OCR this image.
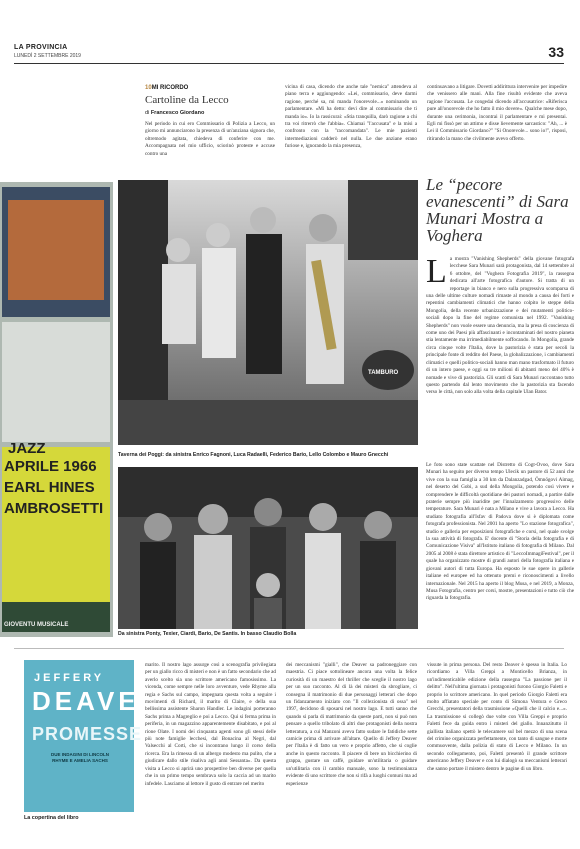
LA PROVINCIA
LUNEDÌ 2 SETTEMBRE 2019	33
10MI RICORDO
Cartoline da Lecco
di Francesco Giordano
Nel periodo in cui ero Commissario di Polizia a Lecco, un giorno mi annunciarono la presenza di un'anziana signora che, oltremodo agitata, chiedeva di conferire con me. Accompagnata nel mio ufficio, sciorinò proteste e accuse contro una
vicina di casa, dicendo che anche tale "nemica" attendeva al piano terra e aggiungendo: «Lei, commissario, deve darmi ragione, perché sa, mi manda l'onorevole...» nominando un parlamentare. «Mi ha detto: devi dire al commissario che ti manda io». Io la rassicurai: «Stia tranquilla, darò ragione a chi tra voi ritrerrò che l'abbia». Chiamai "l'accusata" e la misi a confronto con la "raccomandata". Le mie pazienti intermediazioni cadderò nel nulla. Le due anziane erano furiose e, ignorando la mia presenza,
continuavano a litigare. Dovetti addirittura intervenire per impedire che venissero alle mani. Alla fine risultò evidente che aveva ragione l'accusata. Le congedai dicendo all'accusatrice: «Riferisca pure all'onorevole che ho fatto il mio dovere». Qualche mese dopo, durante una cerimonia, incontrai il parlamentare e mi presentai. Egli mi fissò per un attimo e disse lievemente sarcastico: "Ah, ... è Lei il Commissario Giordano?" "Sì Onorevole... sono io!", risposi, ritirando la mano che civilmente avevo offerto.
JAZZ
APRILE 1966
EARL HINES
AMBROSETTI
GIOVENTU MUSICALE
TAMBURO
Taverna dei Poggi: da sinistra Enrico Fagnoni, Luca Radaelli, Federico Bario, Lello Colombo e Mauro Gnecchi
Da sinistra Ponty, Texier, Ciardi, Bario, De Santis. In basso Claudio Bolla
Le “pecore evanescenti” di Sara Munari Mostra a Voghera
La mostra "Vanishing Shepherds" della giovane fotografa lecchese Sara Munari sarà protagonista, dal 14 settembre al 6 ottobre, del "Voghera Fotografia 2019", la rassegna dedicata all'arte fotografica d'autore. Si tratta di un reportage in bianco e nero sulla progressiva scomparsa di una delle ultime culture nomadi rimaste al mondo a causa dei forti e repentini cambiamenti climatici che hanno colpito le steppe della Mongolia, della recente urbanizzazione e dei mutamenti politico-sociali dopo la fine del regime comunista nel 1992. "Vanishing Shepherds" non vuole essere una denuncia, ma la presa di coscienza di come uno dei Paesi più affascinanti e incontaminati del nostro pianeta stia lentamente ma irrimediabilmente soffocando. In Mongolia, grande circa cinque volte l'Italia, dove la pastorizia è stata per secoli la principale fonte di reddito del Paese, la globalizzazione, i cambiamenti climatici e quelli politico-sociali hanno man mano trasformato il futuro di un intero paese, e oggi su tre milioni di abitanti meno del 40% è nomade e vive di pastorizia. Gli scatti di Sara Munari raccontano tutto questo partendo dal lento movimento che la pastorizia sta facendo verso le città, non solo alla volta della capitale Ulan Bator.
Le foto sono state scattate nel Distretto di Cogt-Ovoo, dove Sara Munari ha seguito per diverso tempo Ulecik un pastore di 52 anni che vive con la sua famiglia a 30 km da Dalanzadgad, Ömnögovi Aimag, nel deserto del Gobi, a sud della Mongolia, potendo così vivere e comprendere le difficoltà quotidiane dei pastori nomadi, a partire dalle praterie sempre più inaridite per l'innalzamento progressivo delle temperature. Sara Munari è nata a Milano e vive a lavora a Lecco. Ha studiato fotografia all'Isfav di Padova dove si è diplomata come fotografa professionista. Nel 2001 ha aperto "Lo stazione fotografica", studio e galleria per esposizioni fotografiche e corsi, nel quale svolge la sua attività di fotografa. E' docente di "Storia della fotografia e di Comunicazione Visiva" all'Istituto italiano di fotografia di Milano. Dal 2005 al 2008 è stata direttore artistico di "LeccoImmagiFestival", per il quale ha organizzato mostre di grandi autori della fotografia italiana e giovani autori di tutta Europa. Ha esposto le sue opere in gallerie italiane ed europee ed ha ottenuto premi e riconoscimenti a livello internazionale. Nel 2015 ha aperto il blog Musa, e nel 2019, a Monza, Musa Fotografia, centro per corsi, mostre, presentazioni e tutto ciò che riguarda la fotografia.
JEFFERY
DEAVER
PROMESSE
DUE INDAGINI DI LINCOLN RHYME E AMELIA SACHS
La copertina del libro
marito. Il nostro lago assurge così a scenografia privilegiata per un giallo ricco di misteri e non è un fatto secondario che ad averlo scelto sia uno scrittore americano famosissimo. La vicenda, come sempre nelle loro avventure, vede Rhyme alla regia e Sachs sul campo, impegnata questa volta a seguire i movimenti di Richard, il marito di Claire, e della sua bellissima assistente Sharon Handler. Le indagini porteranno Sachs prima a Magreglio e poi a Lecco. Qui si ferma prima in periferia, in un magazzino apparentemente disabitato, e poi al rione Olate. I nomi dei cinquanta agenti sono gli stessi delle più note famiglie lecchesi, dal Bonacina al Negri, dal Valsecchi al Corti, che si incontrano lungo il corso della ricerca. Era la rimessa di un albergo modesto ma pulito, che a giudicare dallo stile risaliva agli anni Sessanta». Da questa visita a Lecco si aprirà uno prospettive ben diverse per quella che in un primo tempo sembrava solo la caccia ad un marito infedele. Lasciamo al lettore il gusto di entrare nel merito
dei meccanismi "gialli", che Deaver sa padroneggiare con maestria. Ci piace sottolineare ancora una volta la felice curiosità di un maestro del thriller che sceglie il nostro lago per un suo racconto. Al di là dei misteri da sbrogliare, ci consegna il matrimonio di due personaggi letterari che dopo un fidanzamento iniziato con "Il collezionista di ossa" nel 1997, decidono di sposarsi nel nostro lago. E tutti sanno che quando si parla di matrimonio da queste parti, non si può non pensare a quello tribolato di altri due protagonisti della nostra letteratura, a cui Manzoni aveva fatto sudare le fatidiche sette camicie prima di arrivare all'altare. Quello di Jeffery Deaver per l'Italia è di fatto un vero e proprio affetto, che si coglie anche in questo racconto. Il piacere di bere un bicchierino di grappa, gustare un caffè, guidare un'utilitaria o guidare un'utilitaria con il cambio manuale, sono la testimonianza evidente di uno scrittore che non si rifà a luoghi comuni ma ad esperienze
vissute in prima persona. Del resto Deaver è spesso in Italia. Lo ricordiamo a Villa Greppi a Monticello Brianza, in un'indimenticabile edizione della rassegna "La passione per il delitto". Nell'ultima giornata i protagonisti furono Giorgio Faletti e proprio lo scrittore americano. In quel periodo Giorgio Faletti era molto affiatato speciale per conto di Simona Ventura e Greco Grecchi, presentatori della trasmissione «Quelli che il calcio e...». La trasmissione si collegò due volte con Villa Greppi e proprio Faletti fece da guida entro i misteri del giallo. Innanzitutto il giallista italiano spettò le telecamere sul bel mezzo di una scena del crimine organizzata perfettamente, con tanto di sangue e morte commuovente, dalla polizia di stato di Lecco e Milano. In un secondo collegamento, poi, Faletti presentò il grande scrittore americano Jeffery Deaver e con lui dialogò su meccanismi letterari che sanno portare il mistero dentro le pagine di un libro.
